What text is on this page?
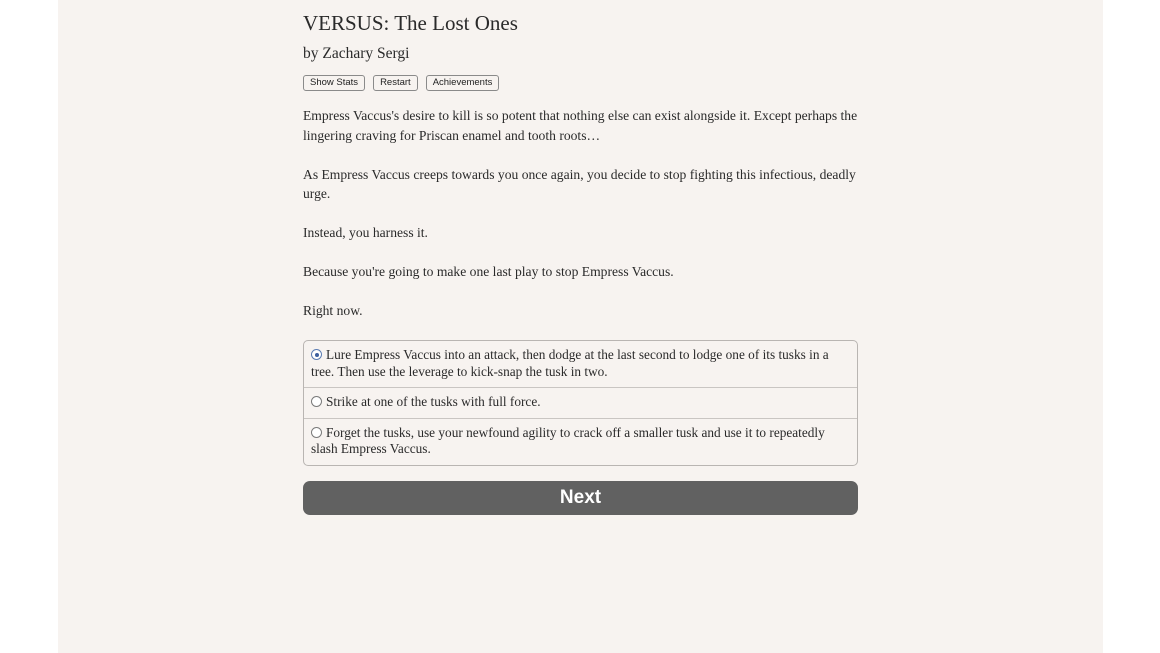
VERSUS: The Lost Ones
by Zachary Sergi
Show Stats	Restart	Achievements

Empress Vaccus's desire to kill is so potent that nothing else can exist alongside it. Except perhaps the lingering craving for Priscan enamel and tooth roots…

As Empress Vaccus creeps towards you once again, you decide to stop fighting this infectious, deadly urge.

Instead, you harness it.

Because you're going to make one last play to stop Empress Vaccus.

Right now.

Lure Empress Vaccus into an attack, then dodge at the last second to lodge one of its tusks in a tree. Then use the leverage to kick-snap the tusk in two.
Strike at one of the tusks with full force.
Forget the tusks, use your newfound agility to crack off a smaller tusk and use it to repeatedly slash Empress Vaccus.
Next
